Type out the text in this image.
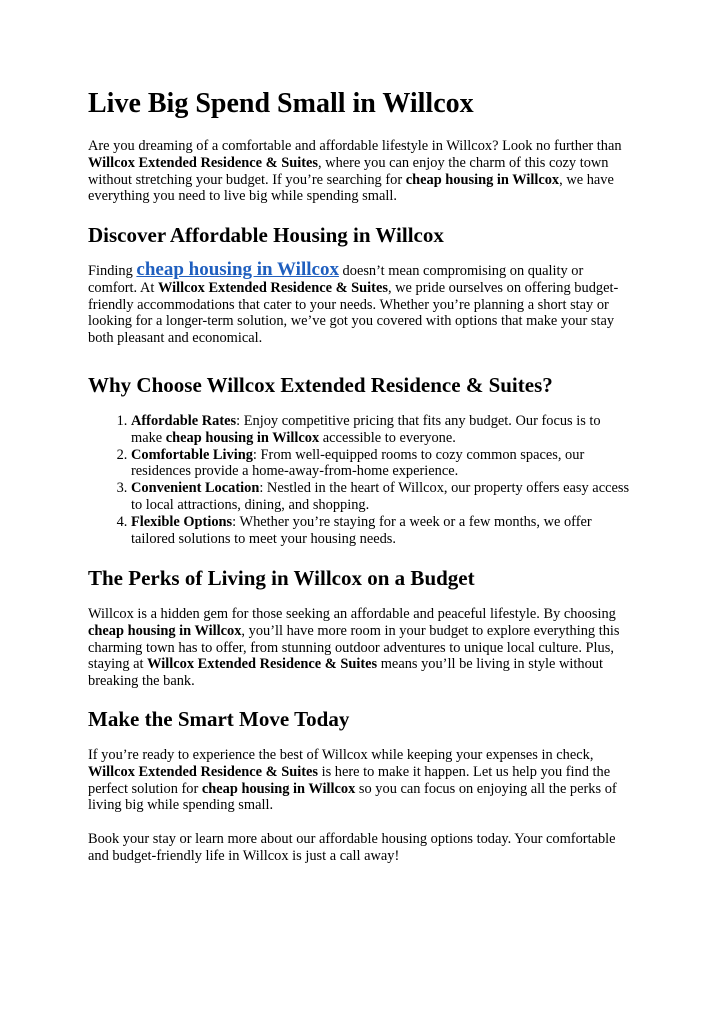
Live Big Spend Small in Willcox

Are you dreaming of a comfortable and affordable lifestyle in Willcox? Look no further than Willcox Extended Residence & Suites, where you can enjoy the charm of this cozy town without stretching your budget. If you’re searching for cheap housing in Willcox, we have everything you need to live big while spending small.

Discover Affordable Housing in Willcox

Finding cheap housing in Willcox doesn’t mean compromising on quality or comfort. At Willcox Extended Residence & Suites, we pride ourselves on offering budget-friendly accommodations that cater to your needs. Whether you’re planning a short stay or looking for a longer-term solution, we’ve got you covered with options that make your stay both pleasant and economical.

Why Choose Willcox Extended Residence & Suites?
1. Affordable Rates: Enjoy competitive pricing that fits any budget. Our focus is to make cheap housing in Willcox accessible to everyone.
2. Comfortable Living: From well-equipped rooms to cozy common spaces, our residences provide a home-away-from-home experience.
3. Convenient Location: Nestled in the heart of Willcox, our property offers easy access to local attractions, dining, and shopping.
4. Flexible Options: Whether you’re staying for a week or a few months, we offer tailored solutions to meet your housing needs.
The Perks of Living in Willcox on a Budget

Willcox is a hidden gem for those seeking an affordable and peaceful lifestyle. By choosing cheap housing in Willcox, you’ll have more room in your budget to explore everything this charming town has to offer, from stunning outdoor adventures to unique local culture. Plus, staying at Willcox Extended Residence & Suites means you’ll be living in style without breaking the bank.

Make the Smart Move Today

If you’re ready to experience the best of Willcox while keeping your expenses in check, Willcox Extended Residence & Suites is here to make it happen. Let us help you find the perfect solution for cheap housing in Willcox so you can focus on enjoying all the perks of living big while spending small.

Book your stay or learn more about our affordable housing options today. Your comfortable and budget-friendly life in Willcox is just a call away!
